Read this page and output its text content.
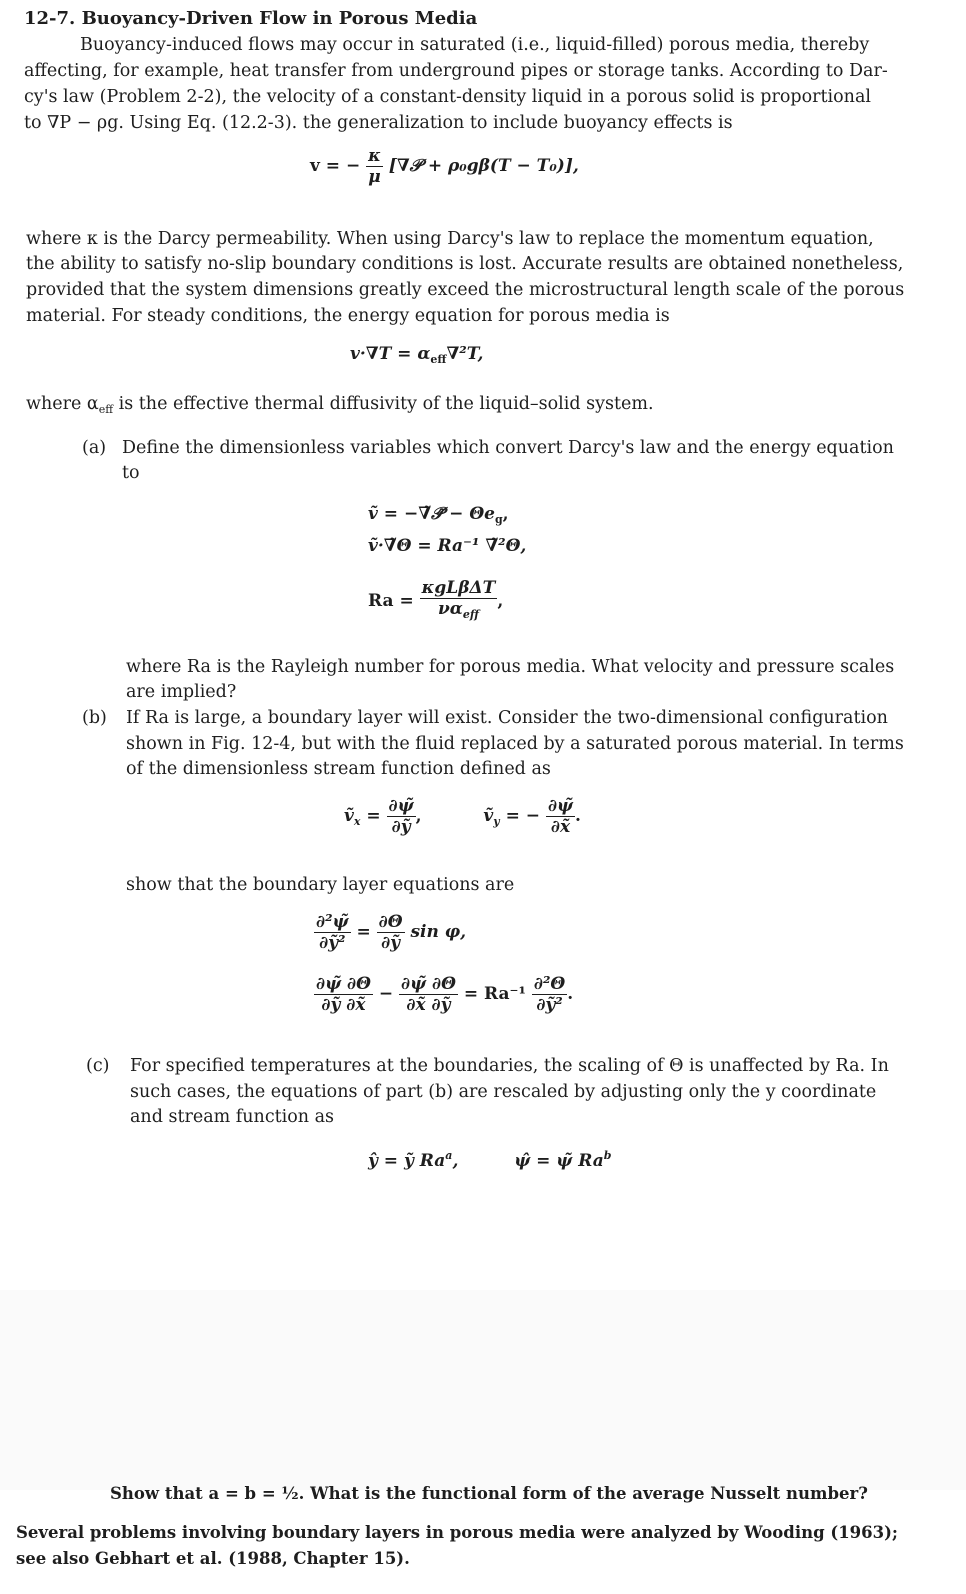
12-7. Buoyancy-Driven Flow in Porous Media
Buoyancy-induced flows may occur in saturated (i.e., liquid-filled) porous media, thereby
affecting, for example, heat transfer from underground pipes or storage tanks. According to Dar-
cy's law (Problem 2-2), the velocity of a constant-density liquid in a porous solid is proportional
to ∇P − ρg. Using Eq. (12.2-3). the generalization to include buoyancy effects is
v = − $\frac{\kappa}{\mu}$ [∇𝒫 + ρ₀gβ(T − T₀)],
where κ is the Darcy permeability. When using Darcy's law to replace the momentum equation,
the ability to satisfy no-slip boundary conditions is lost. Accurate results are obtained nonetheless,
provided that the system dimensions greatly exceed the microstructural length scale of the porous
material. For steady conditions, the energy equation for porous media is
$v\cdot\nabla T = \alpha_{eff}\nabla^2T$,
where $\alpha_{eff}$ is the effective thermal diffusivity of the liquid–solid system.
(a) Define the dimensionless variables which convert Darcy's law and the energy equation
to
ṽ = −∇̃𝒫̃ − $\Theta e_g$,
ṽ·∇̃Θ = Ra⁻¹ ∇̃²Θ,
$Ra = \frac{\text{κgLβΔT}}{\nu\alpha_{eff}}$ ,
where Ra is the Rayleigh number for porous media. What velocity and pressure scales
are implied?
(b) If Ra is large, a boundary layer will exist. Consider the two-dimensional configuration
shown in Fig. 12-4, but with the fluid replaced by a saturated porous material. In terms
of the dimensionless stream function defined as
ṽ$_x$ = $\frac{\partial\psĩ}{\text{∂ỹ}}$ ,	ṽ$_y$ = − $\frac{\partial\psĩ}{\partial x̃}$ .
show that the boundary layer equations are
$\frac{\text{∂²ψ̃}}{\text{∂ỹ²}} = \frac{\partial\Theta}{\text{∂ỹ}}$ sin φ,
$\frac{\partial\psĩ \partial\Theta}{\text{∂ỹ ∂x̃}} - \frac{\partial\psĩ \partial\Theta}{\text{∂x̃ ∂ỹ}} = Ra^{-1} \frac{\text{∂²Θ}}{\text{∂ỹ²}}$ .
(c) For specified temperatures at the boundaries, the scaling of Θ is unaffected by Ra. In
such cases, the equations of part (b) are rescaled by adjusting only the y coordinate
and stream function as
ŷ = ỹ Ra$^a$,	ψ̂ = ψ̃ Ra$^b$
Show that a = b = ½. What is the functional form of the average Nusselt number?
Several problems involving boundary layers in porous media were analyzed by Wooding (1963);
see also Gebhart et al. (1988, Chapter 15).
